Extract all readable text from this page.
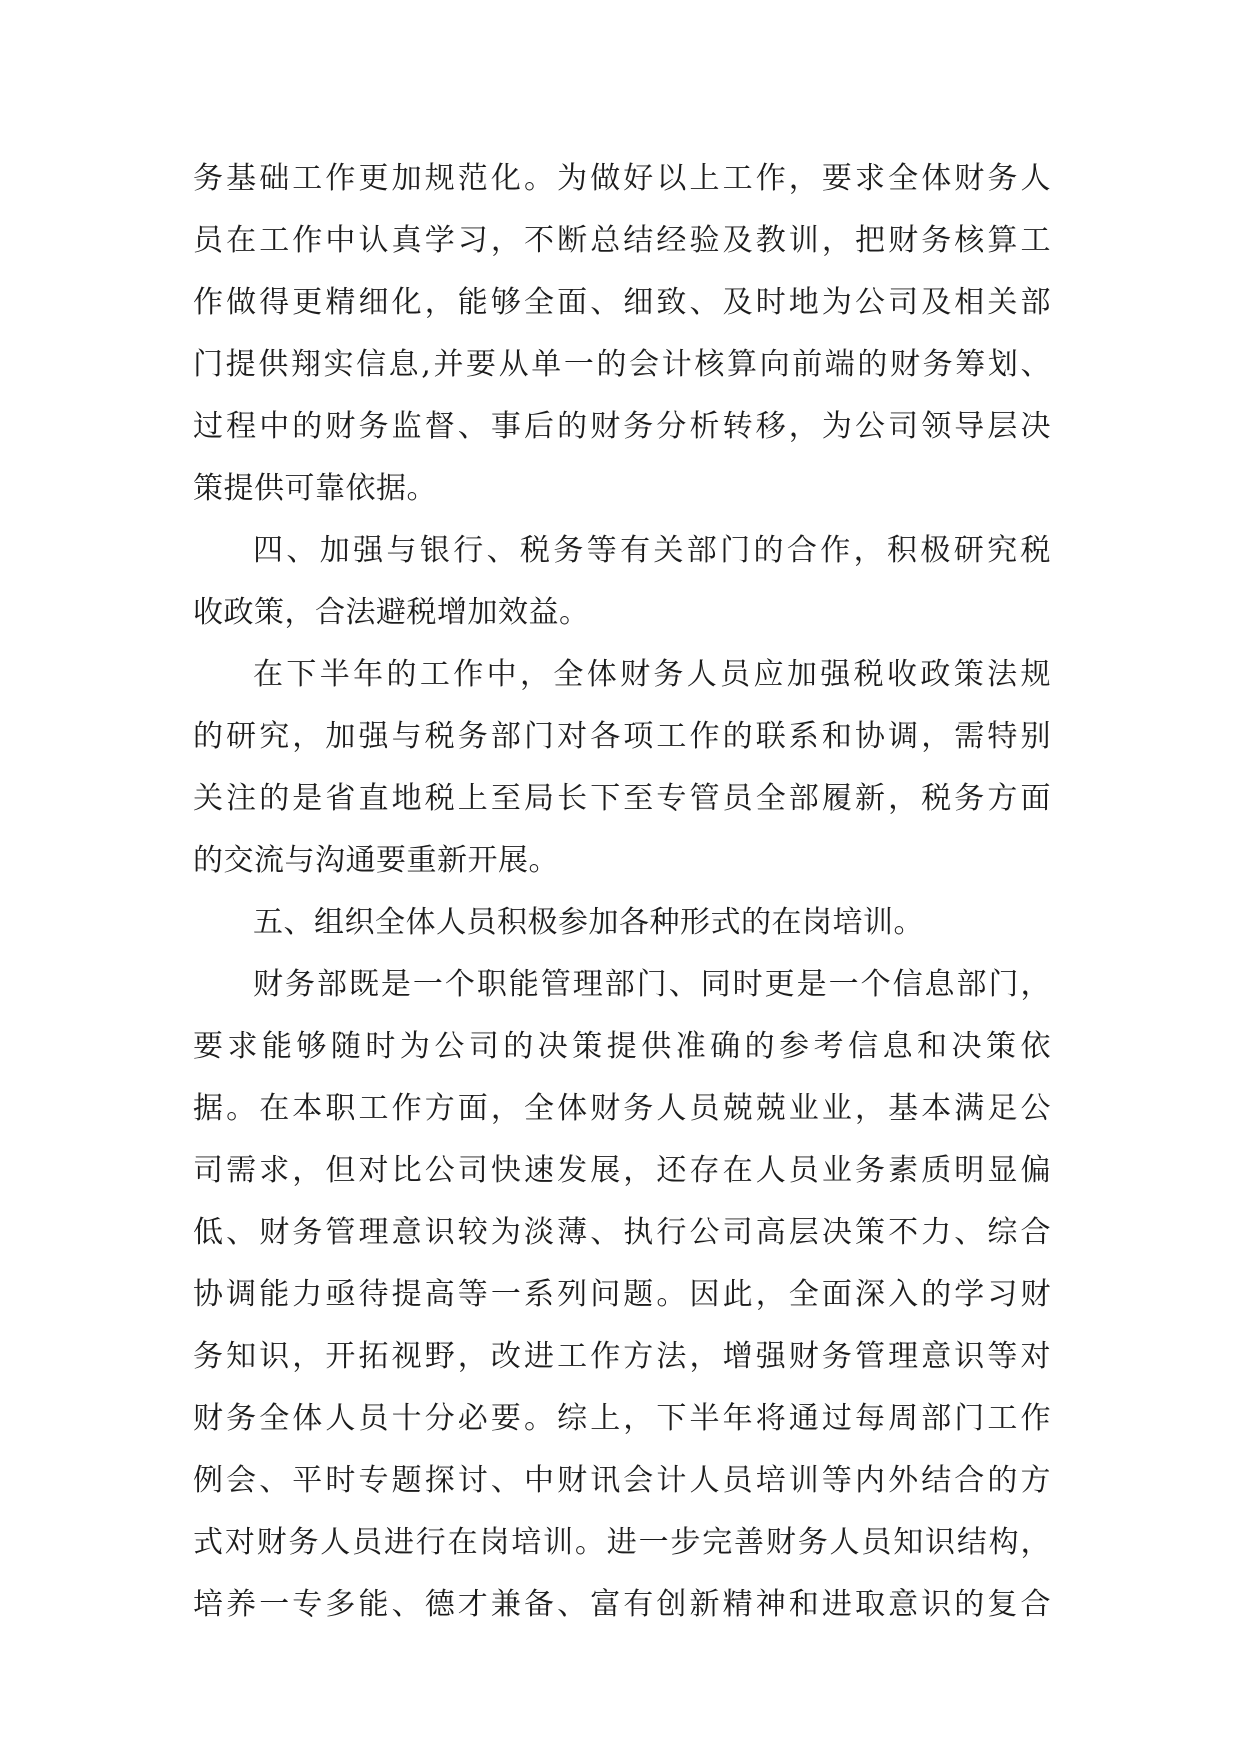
务基础工作更加规范化。为做好以上工作，要求全体财务人
员在工作中认真学习，不断总结经验及教训，把财务核算工
作做得更精细化，能够全面、细致、及时地为公司及相关部
门提供翔实信息,并要从单一的会计核算向前端的财务筹划、
过程中的财务监督、事后的财务分析转移，为公司领导层决
策提供可靠依据。
四、加强与银行、税务等有关部门的合作，积极研究税
收政策，合法避税增加效益。
在下半年的工作中，全体财务人员应加强税收政策法规
的研究，加强与税务部门对各项工作的联系和协调，需特别
关注的是省直地税上至局长下至专管员全部履新，税务方面
的交流与沟通要重新开展。
五、组织全体人员积极参加各种形式的在岗培训。
财务部既是一个职能管理部门、同时更是一个信息部门，
要求能够随时为公司的决策提供准确的参考信息和决策依
据。在本职工作方面，全体财务人员兢兢业业，基本满足公
司需求，但对比公司快速发展，还存在人员业务素质明显偏
低、财务管理意识较为淡薄、执行公司高层决策不力、综合
协调能力亟待提高等一系列问题。因此，全面深入的学习财
务知识，开拓视野，改进工作方法，增强财务管理意识等对
财务全体人员十分必要。综上，下半年将通过每周部门工作
例会、平时专题探讨、中财讯会计人员培训等内外结合的方
式对财务人员进行在岗培训。进一步完善财务人员知识结构，
培养一专多能、德才兼备、富有创新精神和进取意识的复合
